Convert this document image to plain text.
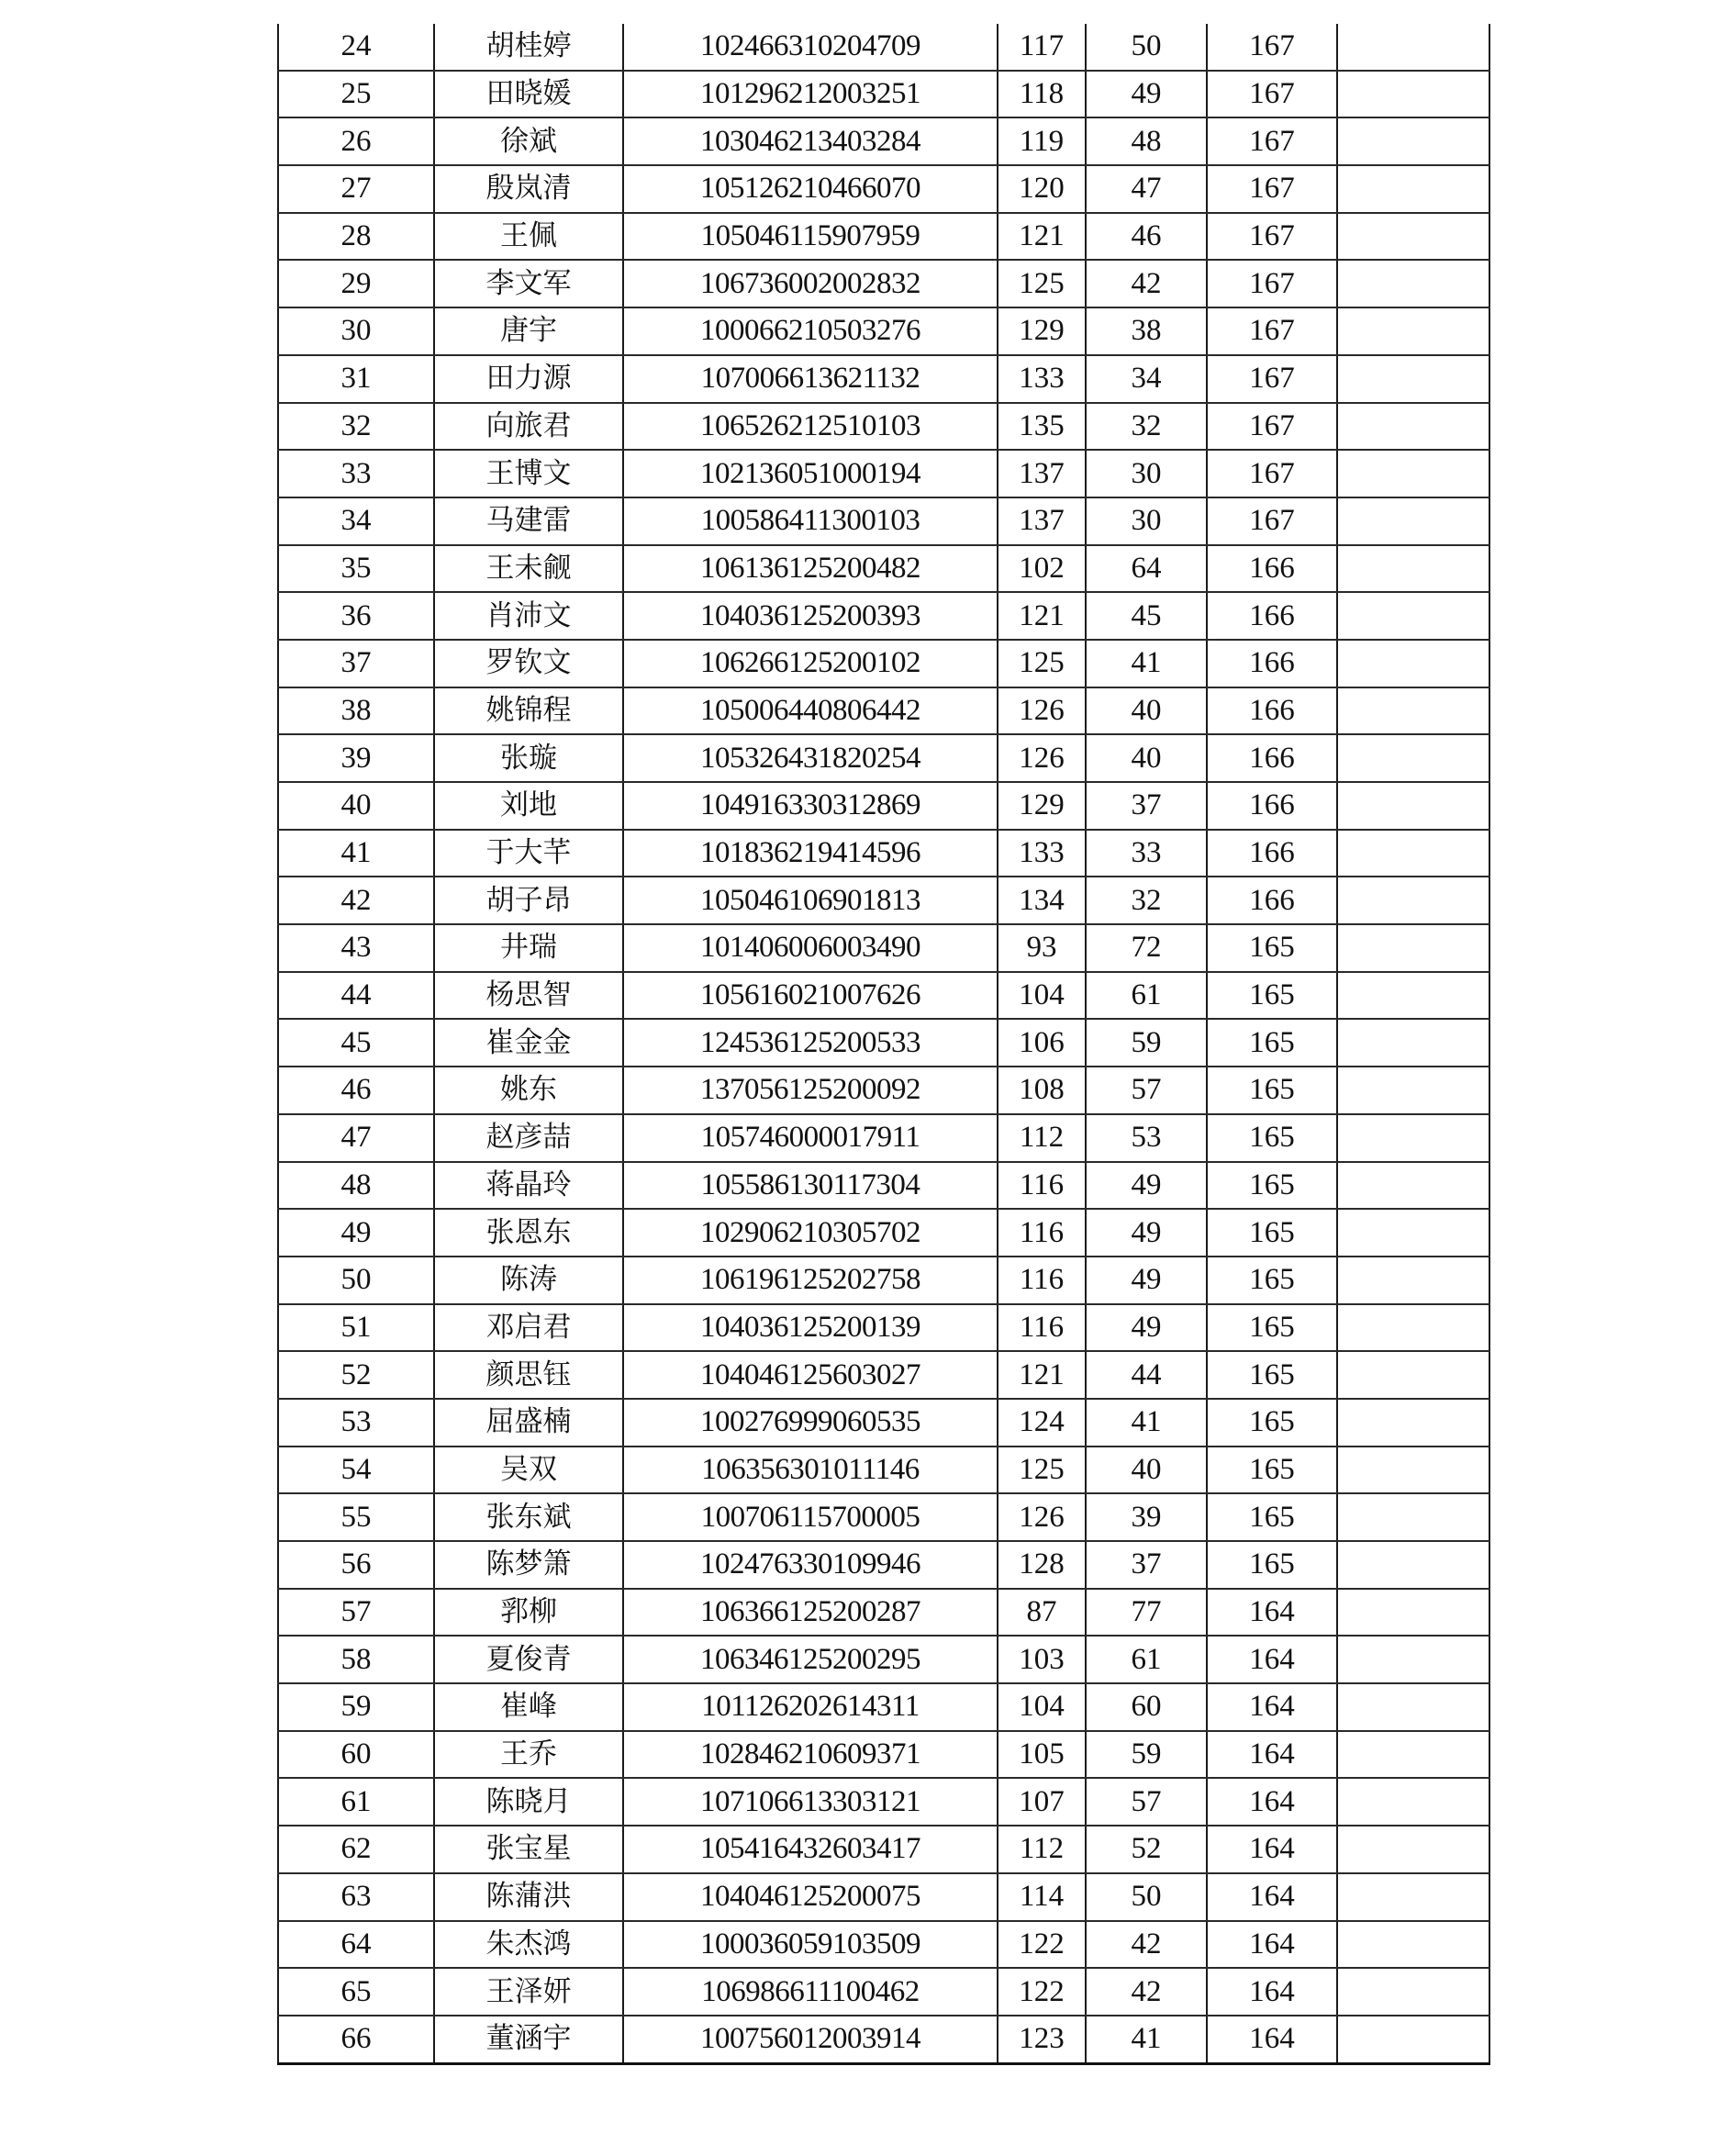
24	胡桂婷	102466310204709	117	50	167	
25	田晓媛	101296212003251	118	49	167	
26	徐斌	103046213403284	119	48	167	
27	殷岚清	105126210466070	120	47	167	
28	王佩	105046115907959	121	46	167	
29	李文军	106736002002832	125	42	167	
30	唐宇	100066210503276	129	38	167	
31	田力源	107006613621132	133	34	167	
32	向旅君	106526212510103	135	32	167	
33	王博文	102136051000194	137	30	167	
34	马建雷	100586411300103	137	30	167	
35	王未觎	106136125200482	102	64	166	
36	肖沛文	104036125200393	121	45	166	
37	罗钦文	106266125200102	125	41	166	
38	姚锦程	105006440806442	126	40	166	
39	张璇	105326431820254	126	40	166	
40	刘地	104916330312869	129	37	166	
41	于大芊	101836219414596	133	33	166	
42	胡子昂	105046106901813	134	32	166	
43	井瑞	101406006003490	93	72	165	
44	杨思智	105616021007626	104	61	165	
45	崔金金	124536125200533	106	59	165	
46	姚东	137056125200092	108	57	165	
47	赵彦喆	105746000017911	112	53	165	
48	蒋晶玲	105586130117304	116	49	165	
49	张恩东	102906210305702	116	49	165	
50	陈涛	106196125202758	116	49	165	
51	邓启君	104036125200139	116	49	165	
52	颜思钰	104046125603027	121	44	165	
53	屈盛楠	100276999060535	124	41	165	
54	吴双	106356301011146	125	40	165	
55	张东斌	100706115700005	126	39	165	
56	陈梦箫	102476330109946	128	37	165	
57	郛柳	106366125200287	87	77	164	
58	夏俊青	106346125200295	103	61	164	
59	崔峰	101126202614311	104	60	164	
60	王乔	102846210609371	105	59	164	
61	陈晓月	107106613303121	107	57	164	
62	张宝星	105416432603417	112	52	164	
63	陈蒲洪	104046125200075	114	50	164	
64	朱杰鸿	100036059103509	122	42	164	
65	王泽妍	106986611100462	122	42	164	
66	董涵宇	100756012003914	123	41	164	
